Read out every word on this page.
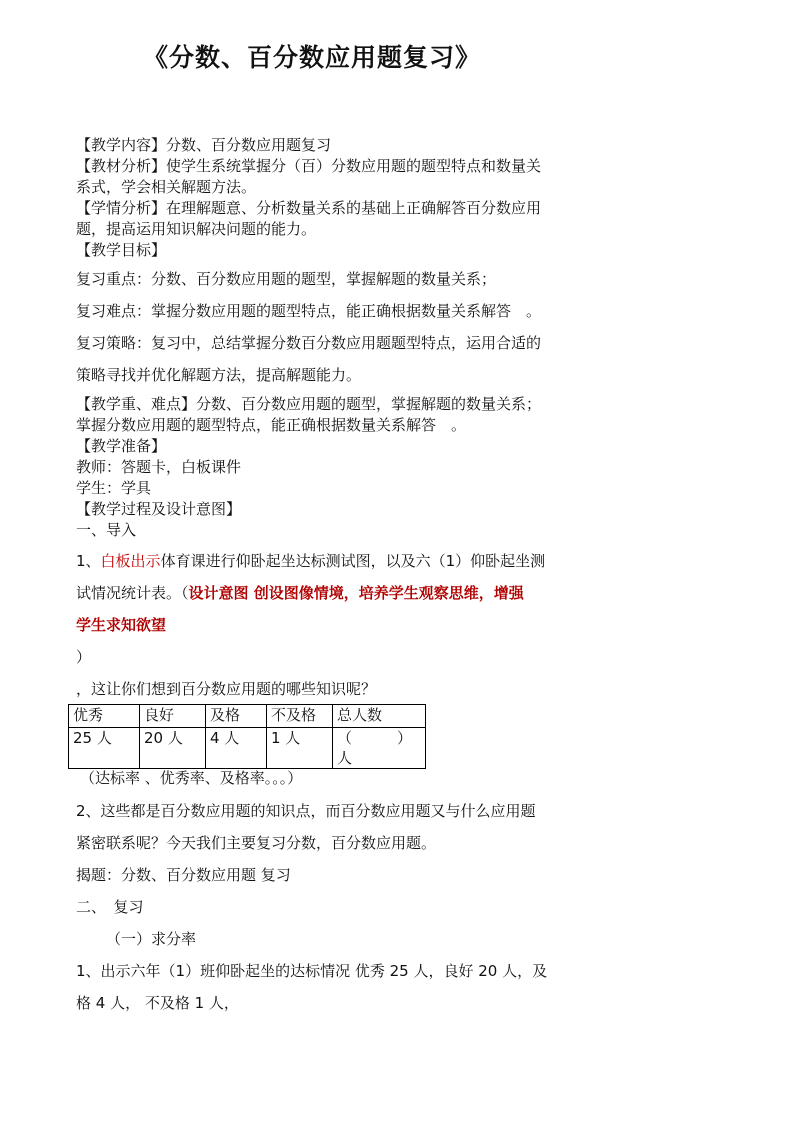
《分数、百分数应用题复习》
【教学内容】分数、百分数应用题复习
【教材分析】使学生系统掌握分（百）分数应用题的题型特点和数量关
系式，学会相关解题方法。
【学情分析】在理解题意、分析数量关系的基础上正确解答百分数应用
题，提高运用知识解决问题的能力。
【教学目标】
复习重点：分数、百分数应用题的题型，掌握解题的数量关系；
复习难点：掌握分数应用题的题型特点，能正确根据数量关系解答　。
复习策略：复习中，总结掌握分数百分数应用题题型特点，运用合适的
策略寻找并优化解题方法，提高解题能力。
【教学重、难点】分数、百分数应用题的题型，掌握解题的数量关系；
掌握分数应用题的题型特点，能正确根据数量关系解答　。
【教学准备】
教师：答题卡，白板课件
学生：学具
【教学过程及设计意图】
一、导入
1、白板出示体育课进行仰卧起坐达标测试图，以及六（1）仰卧起坐测
试情况统计表。（设计意图 创设图像情境，培养学生观察思维，增强
学生求知欲望
）
，这让你们想到百分数应用题的哪些知识呢？
优秀	良好	及格	不及格	总人数
25 人	20 人	4 人	1 人	（　　　）人
（达标率 、优秀率、及格率。。。）
2、这些都是百分数应用题的知识点，而百分数应用题又与什么应用题
紧密联系呢？今天我们主要复习分数，百分数应用题。
揭题：分数、百分数应用题 复习
二、　复习
（一）求分率
1、出示六年（1）班仰卧起坐的达标情况 优秀 25 人，良好 20 人，及
格 4 人， 不及格 1 人，
